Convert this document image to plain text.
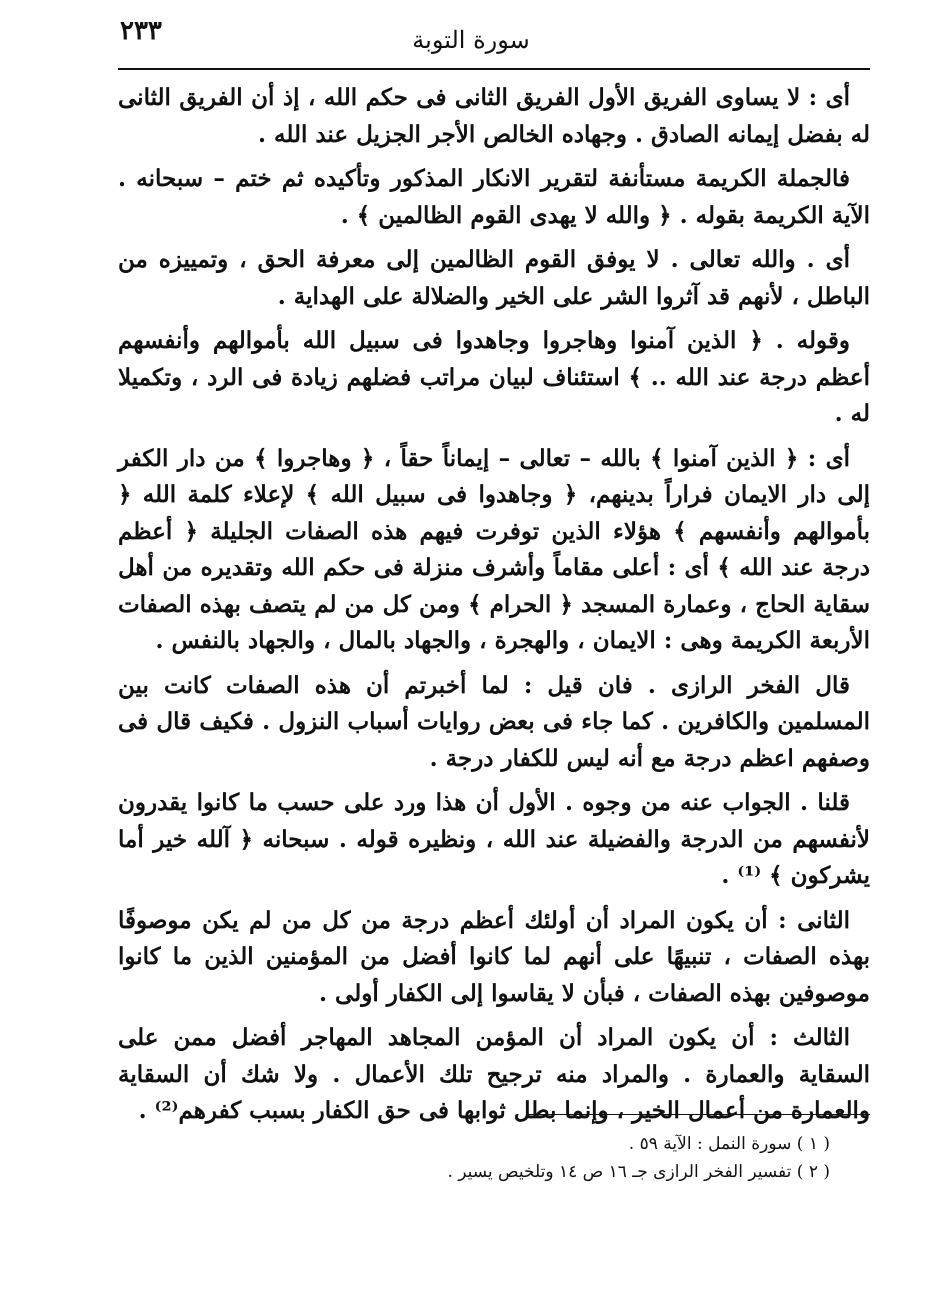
٢٣٣	سورة التوبة

أى : لا يساوى الفريق الأول الفريق الثانى فى حكم الله ، إذ أن الفريق الثانى له بفضل إيمانه الصادق . وجهاده الخالص الأجر الجزيل عند الله .

فالجملة الكريمة مستأنفة لتقرير الانكار المذكور وتأكيده ثم ختم – سبحانه . الآية الكريمة بقوله . ﴿ والله لا يهدى القوم الظالمين ﴾ .

أى . والله تعالى . لا يوفق القوم الظالمين إلى معرفة الحق ، وتمييزه من الباطل ، لأنهم قد آثروا الشر على الخير والضلالة على الهداية .

وقوله . ﴿ الذين آمنوا وهاجروا وجاهدوا فى سبيل الله بأموالهم وأنفسهم أعظم درجة عند الله .. ﴾ استئناف لبيان مراتب فضلهم زيادة فى الرد ، وتكميلا له .

أى : ﴿ الذين آمنوا ﴾ بالله – تعالى – إيماناً حقاً ، ﴿ وهاجروا ﴾ من دار الكفر إلى دار الايمان فراراً بدينهم، ﴿ وجاهدوا فى سبيل الله ﴾ لإعلاء كلمة الله ﴿ بأموالهم وأنفسهم ﴾ هؤلاء الذين توفرت فيهم هذه الصفات الجليلة ﴿ أعظم درجة عند الله ﴾ أى : أعلى مقاماً وأشرف منزلة فى حكم الله وتقديره من أهل سقاية الحاج ، وعمارة المسجد ﴿ الحرام ﴾ ومن كل من لم يتصف بهذه الصفات الأربعة الكريمة وهى : الايمان ، والهجرة ، والجهاد بالمال ، والجهاد بالنفس .

قال الفخر الرازى . فان قيل : لما أخبرتم أن هذه الصفات كانت بين المسلمين والكافرين . كما جاء فى بعض روايات أسباب النزول . فكيف قال فى وصفهم اعظم درجة مع أنه ليس للكفار درجة .

قلنا . الجواب عنه من وجوه . الأول أن هذا ورد على حسب ما كانوا يقدرون لأنفسهم من الدرجة والفضيلة عند الله ، ونظيره قوله . سبحانه ﴿ آلله خير أما يشركون ﴾ ⁽¹⁾ .

الثانى : أن يكون المراد أن أولئك أعظم درجة من كل من لم يكن موصوفًا بهذه الصفات ، تنبيهًا على أنهم لما كانوا أفضل من المؤمنين الذين ما كانوا موصوفين بهذه الصفات ، فبأن لا يقاسوا إلى الكفار أولى .

الثالث : أن يكون المراد أن المؤمن المجاهد المهاجر أفضل ممن على السقاية والعمارة . والمراد منه ترجيح تلك الأعمال . ولا شك أن السقاية والعمارة من أعمال الخير ، وإنما بطل ثوابها فى حق الكفار بسبب كفرهم⁽²⁾ .

( ١ ) سورة النمل : الآية ٥٩ .

( ٢ ) تفسير الفخر الرازى جـ ١٦ ص ١٤ وتلخيص يسير .
